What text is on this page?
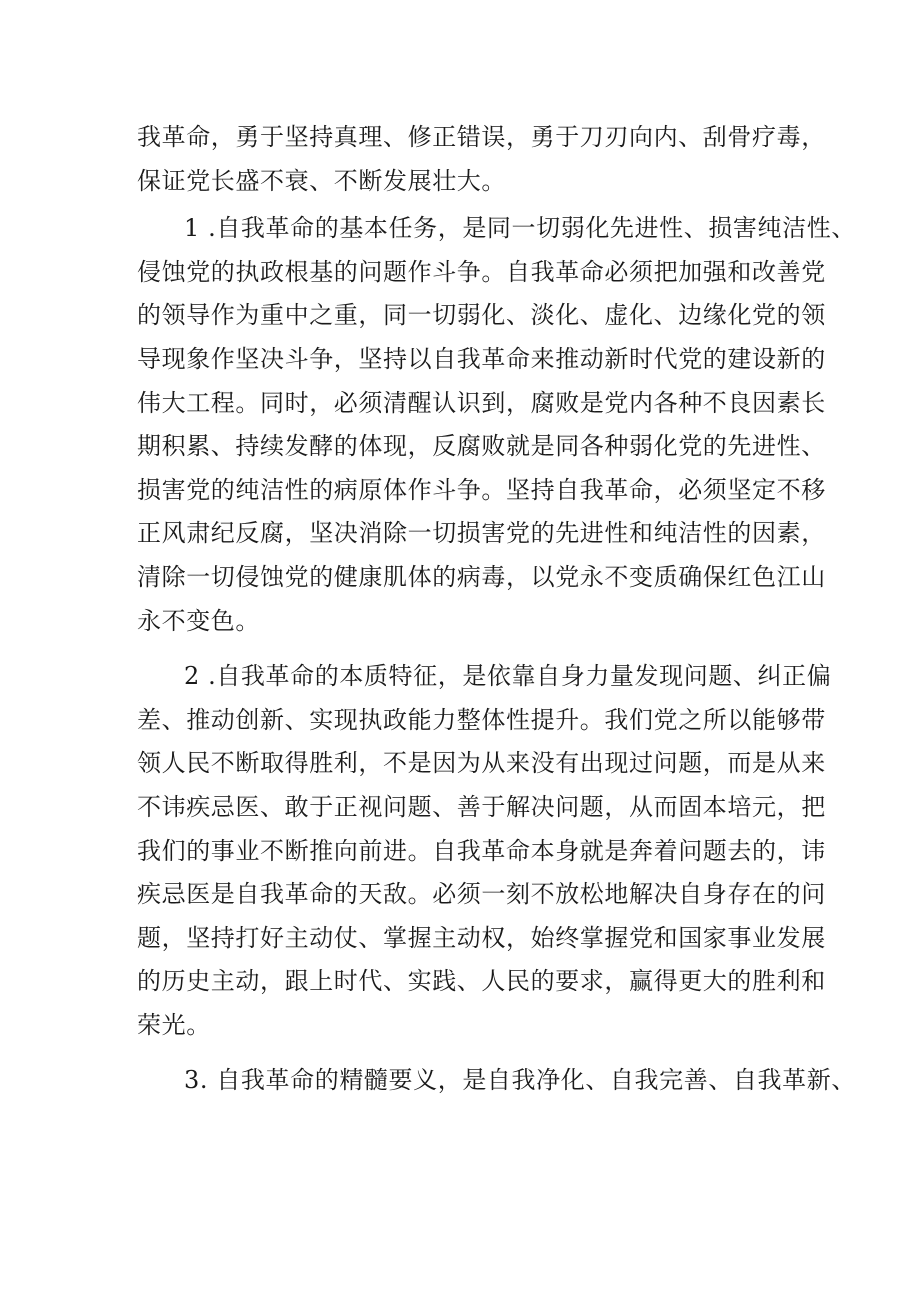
我革命，勇于坚持真理、修正错误，勇于刀刃向内、刮骨疗毒，
保证党长盛不衰、不断发展壮大。
1 .自我革命的基本任务，是同一切弱化先进性、损害纯洁性、
侵蚀党的执政根基的问题作斗争。自我革命必须把加强和改善党
的领导作为重中之重，同一切弱化、淡化、虚化、边缘化党的领
导现象作坚决斗争，坚持以自我革命来推动新时代党的建设新的
伟大工程。同时，必须清醒认识到，腐败是党内各种不良因素长
期积累、持续发酵的体现，反腐败就是同各种弱化党的先进性、
损害党的纯洁性的病原体作斗争。坚持自我革命，必须坚定不移
正风肃纪反腐，坚决消除一切损害党的先进性和纯洁性的因素，
清除一切侵蚀党的健康肌体的病毒，以党永不变质确保红色江山
永不变色。
2 .自我革命的本质特征，是依靠自身力量发现问题、纠正偏
差、推动创新、实现执政能力整体性提升。我们党之所以能够带
领人民不断取得胜利，不是因为从来没有出现过问题，而是从来
不讳疾忌医、敢于正视问题、善于解决问题，从而固本培元，把
我们的事业不断推向前进。自我革命本身就是奔着问题去的，讳
疾忌医是自我革命的天敌。必须一刻不放松地解决自身存在的问
题，坚持打好主动仗、掌握主动权，始终掌握党和国家事业发展
的历史主动，跟上时代、实践、人民的要求，赢得更大的胜利和
荣光。
3. 自我革命的精髓要义，是自我净化、自我完善、自我革新、
